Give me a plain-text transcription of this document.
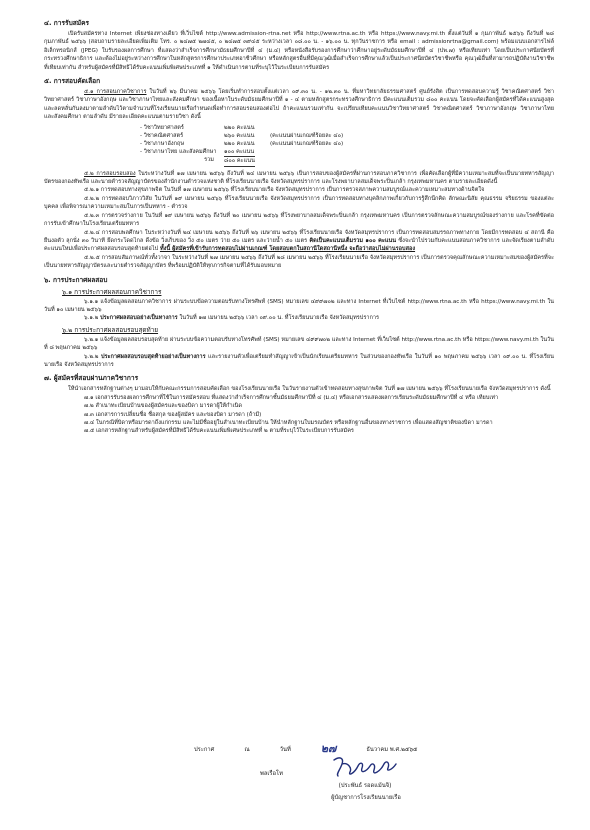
๔. การรับสมัคร

เปิดรับสมัครทาง Internet เพียงช่องทางเดียว ที่เว็บไซต์ http://www.admission-rtna.net หรือ http://www.rtna.ac.th หรือ https://www.navy.mi.th ตั้งแต่วันที่ ๑ กุมภาพันธ์ ๒๕๖๖ ถึงวันที่ ๒๘ กุมภาพันธ์ ๒๕๖๖ (สอบถามรายละเอียดเพิ่มเติม โทร. ๐ ๒๔๗๕ ๒๗๔๕, ๐ ๒๔๗๕ ๓๙๔๕ ระหว่างเวลา ๐๘.๐๐ น. - ๑๖.๐๐ น. ทุกวันราชการ หรือ email : admissionrtna@gmail.com) พร้อมแนบเอกสารไฟล์อิเล็กทรอนิกส์ (JPEG) ใบรับรองผลการศึกษา ที่แสดงว่าสำเร็จการศึกษามัธยมศึกษาปีที่ ๔ (ม.๔) หรือหนังสือรับรองการศึกษาว่าศึกษาอยู่ระดับมัธยมศึกษาปีที่ ๔ (ปพ.๗) หรือเทียบเท่า โดยเป็นประกาศนียบัตรที่กระทรวงศึกษาธิการ และต้องไม่อยู่ระหว่างการศึกษาในหลักสูตรการศึกษาประเภทอาชีวศึกษา หรือหลักสูตรอื่นที่มีคุณวุฒิเมื่อสำเร็จการศึกษาแล้วเป็นประกาศนียบัตรวิชาชีพหรือ คุณวุฒิอื่นที่สามารถปฏิบัติงานวิชาชีพที่เทียบเท่ากัน สำหรับผู้สมัครที่มีสิทธิได้รับคะแนนเพิ่มพิเศษประเภทที่ ๑ ให้ดำเนินการตามที่ระบุไว้ในระเบียบการรับสมัคร

๕. การสอบคัดเลือก

๕.๑ การสอบภาควิชาการ ในวันที่ ๒๖ มีนาคม ๒๕๖๖ โดยเริ่มทำการสอบตั้งแต่เวลา ๐๙.๓๐ น. - ๑๒.๓๐ น. ที่มหาวิทยาลัยธรรมศาสตร์ ศูนย์รังสิต เป็นการทดสอบความรู้ วิชาคณิตศาสตร์ วิชาวิทยาศาสตร์ วิชาภาษาอังกฤษ และวิชาภาษาไทยและสังคมศึกษา ของเนื้อหาในระดับมัธยมศึกษาปีที่ ๑ - ๔ ตามหลักสูตรกระทรวงศึกษาธิการ มีคะแนนเต็มรวม ๘๐๐ คะแนน โดยจะคัดเลือกผู้สมัครที่ได้คะแนนสูงสุดและลดหลั่นกันลงมาตามลำดับไว้ตามจำนวนที่โรงเรียนนายเรือกำหนดเพื่อทำการสอบรอบสองต่อไป ถ้าคะแนนรวมเท่ากัน จะเปรียบเทียบคะแนนวิชาวิทยาศาสตร์ วิชาคณิตศาสตร์ วิชาภาษาอังกฤษ วิชาภาษาไทย และสังคมศึกษา ตามลำดับ มีรายละเอียดคะแนนตามรายวิชา ดังนี้

- วิชาวิทยาศาสตร์	๒๒๐ คะแนน
- วิชาคณิตศาสตร์	๒๖๐ คะแนน	(คะแนนผ่านเกณฑ์ร้อยละ ๔๐)
- วิชาภาษาอังกฤษ	๒๒๐ คะแนน	(คะแนนผ่านเกณฑ์ร้อยละ ๔๐)
- วิชาภาษาไทย และสังคมศึกษา	๑๐๐ คะแนน
รวม	๘๐๐ คะแนน

๕.๒ การสอบรอบสอง ในระหว่างวันที่ ๑๗ เมษายน ๒๕๖๖ ถึงวันที่ ๒๔ เมษายน ๒๕๖๖ เป็นการสอบของผู้สมัครที่ผ่านการสอบภาควิชาการ เพื่อคัดเลือกผู้ที่มีความเหมาะสมที่จะเป็นนายทหารสัญญาบัตรของกองทัพเรือ และนายตำรวจสัญญาบัตรของสำนักงานตำรวจแห่งชาติ ที่โรงเรียนนายเรือ จังหวัดสมุทรปราการ และโรงพยาบาลสมเด็จพระปิ่นเกล้า กรุงเทพมหานคร ตามรายละเอียดดังนี้

๕.๒.๑ การทดสอบทางสุขภาพจิต ในวันที่ ๑๗ เมษายน ๒๕๖๖ ที่โรงเรียนนายเรือ จังหวัดสมุทรปราการ เป็นการตรวจสภาพความสมบูรณ์และความเหมาะสมทางด้านจิตใจ

๕.๒.๒ การทดสอบวิภาววิสัย ในวันที่ ๑๙ เมษายน ๒๕๖๖ ที่โรงเรียนนายเรือ จังหวัดสมุทรปราการ เป็นการทดสอบทางบุคลิกภาพเกี่ยวกับการรู้สึกนึกคิด ลักษณะนิสัย คุณธรรม จริยธรรม ของแต่ละบุคคล เพื่อพิจารณาความเหมาะสมในการเป็นทหาร - ตำรวจ

๕.๒.๓ การตรวจร่างกาย ในวันที่ ๑๙ เมษายน ๒๕๖๖ ถึงวันที่ ๒๐ เมษายน ๒๕๖๖ ที่โรงพยาบาลสมเด็จพระปิ่นเกล้า กรุงเทพมหานคร เป็นการตรวจลักษณะความสมบูรณ์ของร่างกาย และโรคที่ขัดต่อการรับเข้าศึกษาในโรงเรียนเตรียมทหาร

๕.๒.๔ การสอบพลศึกษา ในระหว่างวันที่ ๒๔ เมษายน ๒๕๖๖ ถึงวันที่ ๒๖ เมษายน ๒๕๖๖ ที่โรงเรียนนายเรือ จังหวัดสมุทรปราการ เป็นการทดสอบสมรรถภาพทางกาย โดยมีการทดสอบ ๔ สถานี คือ ยืนงอตัว ลุกนั่ง ๓๐ วินาที ยึดกระโดดไกล ดึงข้อ วิ่งเก็บของ วิ่ง ๕๐ เมตร ว่าย ๕๐ เมตร และว่ายน้ำ ๕๐ เมตร คิดเป็นคะแนนเต็มรวม ๑๐๐ คะแนน ซึ่งจะนำไปรวมกับคะแนนสอบภาควิชาการ และจัดเรียงตามลำดับคะแนนใหม่เพื่อประกาศผลสอบรอบสุดท้ายต่อไป ทั้งนี้ ผู้สมัครที่เข้ารับการทดสอบไม่ผ่านเกณฑ์ โดยสอบตกในสถานีใดสถานีหนึ่ง จะถือว่าสอบไม่ผ่านรอบสอง

๕.๒.๕ การสอบสัมภาษณ์ทั่วทั้งวาจา ในระหว่างวันที่ ๒๗ เมษายน ๒๕๖๖ ถึงวันที่ ๒๘ เมษายน ๒๕๖๖ ที่โรงเรียนนายเรือ จังหวัดสมุทรปราการ เป็นการตรวจคุณลักษณะความเหมาะสมของผู้สมัครที่จะเป็นนายทหารสัญญาบัตรและนายตำรวจสัญญาบัตร ที่พร้อมปฏิบัติให้ทุกภารกิจตามที่ได้รับมอบหมาย

๖. การประกาศผลสอบ
๖.๑ การประกาศผลสอบภาควิชาการ

๖.๑.๑ แจ้งข้อมูลผลสอบภาควิชาการ ผ่านระบบข้อความตอบรับทางโทรศัพท์ (SMS) หมายเลข ๔๙๙๗๐๒ และทาง Internet ที่เว็บไซต์ http://www.rtna.ac.th หรือ https://www.navy.mi.th ในวันที่ ๑๐ เมษายน ๒๕๖๖

๖.๑.๒ ประกาศผลสอบอย่างเป็นทางการ ในวันที่ ๑๗ เมษายน ๒๕๖๖ เวลา ๐๙.๐๐ น. ที่โรงเรียนนายเรือ จังหวัดสมุทรปราการ

๖.๒ การประกาศผลสอบรอบสุดท้าย

๖.๒.๑ แจ้งข้อมูลผลสอบรอบสุดท้าย ผ่านระบบข้อความตอบรับทางโทรศัพท์ (SMS) หมายเลข ๔๙๙๗๐๒ และทาง Internet ที่เว็บไซต์ http://www.rtna.ac.th หรือ https://www.navy.mi.th ในวันที่ ๘ พฤษภาคม ๒๕๖๖

๖.๒.๒ ประกาศผลสอบรอบสุดท้ายอย่างเป็นทางการ และรายงานตัวเพื่อเตรียมทำสัญญาเข้าเป็นนักเรียนเตรียมทหาร ในส่วนของกองทัพเรือ ในวันที่ ๑๐ พฤษภาคม ๒๕๖๖ เวลา ๐๙.๐๐ น. ที่โรงเรียนนายเรือ จังหวัดสมุทรปราการ

๗. ผู้สมัครที่สอบผ่านภาควิชาการ

ให้นำเอกสารหลักฐานต่างๆ มามอบให้กับคณะกรรมการสอบคัดเลือก ของโรงเรียนนายเรือ ในวันรายงานตัวเข้าทดสอบทางสุขภาพจิต วันที่ ๑๗ เมษายน ๒๕๖๖ ที่โรงเรียนนายเรือ จังหวัดสมุทรปราการ ดังนี้

๗.๑ เอกสารรับรองผลการศึกษาที่ใช้ในการสมัครสอบ ที่แสดงว่าสำเร็จการศึกษาชั้นมัธยมศึกษาปีที่ ๔ (ม.๔) หรือเอกสารแสดงผลการเรียนระดับมัธยมศึกษาปีที่ ๔ หรือ เทียบเท่า

๗.๒ สำเนาทะเบียนบ้านของผู้สมัครและของบิดา มารดาผู้ให้กำเนิด

๗.๓ เอกสารการเปลี่ยนชื่อ ชื่อสกุล ของผู้สมัคร และของบิดา มารดา (ถ้ามี)

๗.๔ ในกรณีที่บิดาหรือมารดาถึงแก่กรรม และไม่มีชื่ออยู่ในสำเนาทะเบียนบ้าน ให้นำหลักฐานใบมรณบัตร หรือหลักฐานอื่นของทางราชการ เพื่อแสดงสัญชาติของบิดา มารดา

๗.๕ เอกสารหลักฐานสำหรับผู้สมัครที่มีสิทธิได้รับคะแนนเพิ่มพิเศษประเภทที่ ๒ ตามที่ระบุไว้ในระเบียบการรับสมัคร

ประกาศ	ณ	วันที่	๒๗	ธันวาคม พ.ศ.๒๕๖๕
พลเรือโท
(ประพันธ์ รอดแม้นจิ)
ผู้บัญชาการโรงเรียนนายเรือ
